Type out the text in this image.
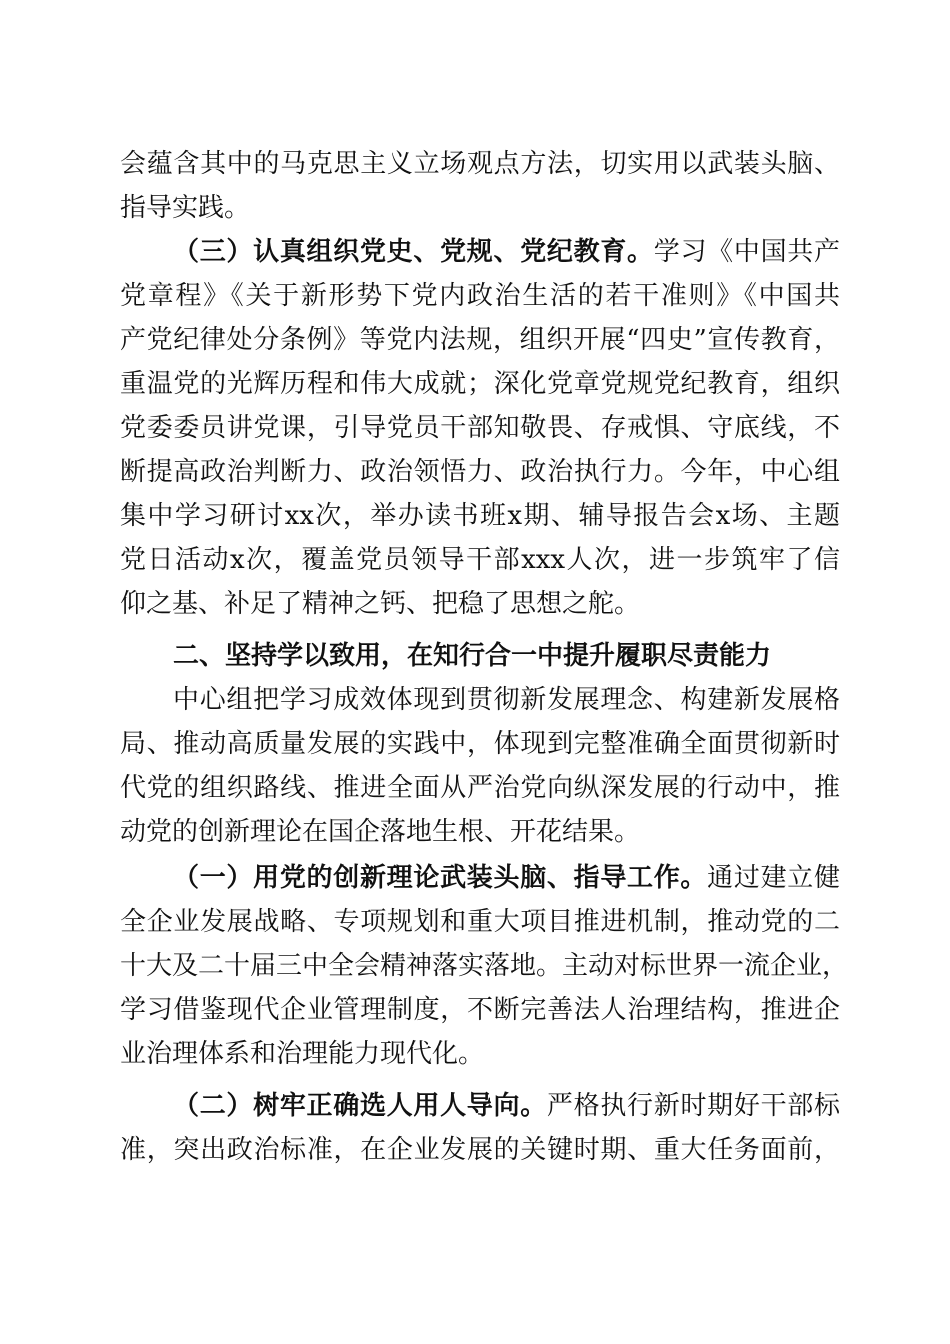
会蕴含其中的马克思主义立场观点方法，切实用以武装头脑、
指导实践。
（三）认真组织党史、党规、党纪教育。学习《中国共产
党章程》《关于新形势下党内政治生活的若干准则》《中国共
产党纪律处分条例》等党内法规，组织开展“四史”宣传教育，
重温党的光辉历程和伟大成就；深化党章党规党纪教育，组织
党委委员讲党课，引导党员干部知敬畏、存戒惧、守底线，不
断提高政治判断力、政治领悟力、政治执行力。今年，中心组
集中学习研讨xx次，举办读书班x期、辅导报告会x场、主题
党日活动x次，覆盖党员领导干部xxx人次，进一步筑牢了信
仰之基、补足了精神之钙、把稳了思想之舵。
二、坚持学以致用，在知行合一中提升履职尽责能力
中心组把学习成效体现到贯彻新发展理念、构建新发展格
局、推动高质量发展的实践中，体现到完整准确全面贯彻新时
代党的组织路线、推进全面从严治党向纵深发展的行动中，推
动党的创新理论在国企落地生根、开花结果。
（一）用党的创新理论武装头脑、指导工作。通过建立健
全企业发展战略、专项规划和重大项目推进机制，推动党的二
十大及二十届三中全会精神落实落地。主动对标世界一流企业，
学习借鉴现代企业管理制度，不断完善法人治理结构，推进企
业治理体系和治理能力现代化。
（二）树牢正确选人用人导向。严格执行新时期好干部标
准，突出政治标准，在企业发展的关键时期、重大任务面前，
